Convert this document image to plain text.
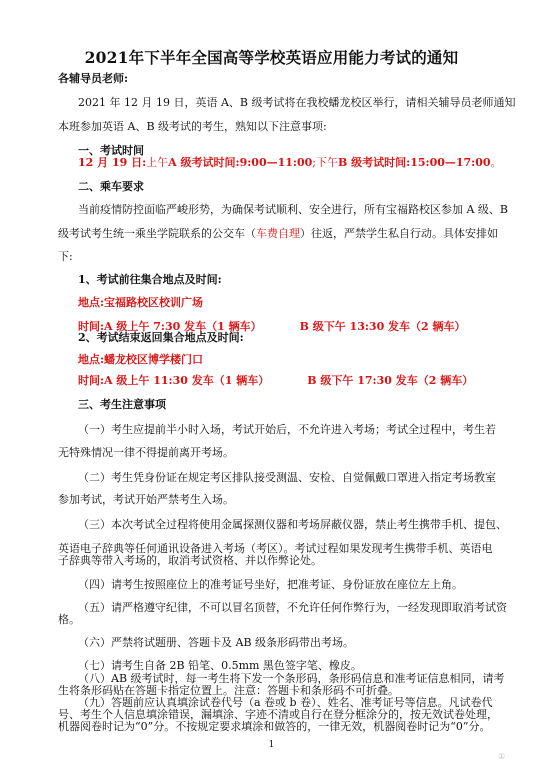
2021年下半年全国高等学校英语应用能力考试的通知
各辅导员老师:
2021 年 12 月 19 日，英语 A、B 级考试将在我校蟠龙校区举行，请相关辅导员老师通知
本班参加英语 A、B 级考试的考生，熟知以下注意事项:
一、考试时间
12 月 19 日:上午A 级考试时间:9:00—11:00;下午B 级考试时间:15:00—17:00。
二、乘车要求
当前疫情防控面临严峻形势，为确保考试顺利、安全进行，所有宝福路校区参加 A 级、B
级考试考生统一乘坐学院联系的公交车（车费自理）往返，严禁学生私自行动。具体安排如
下:
1、考试前往集合地点及时间:
地点:宝福路校区校训广场
时间:A 级上午 7:30 发车（1 辆车）	B 级下午 13:30 发车（2 辆车）
2、考试结束返回集合地点及时间:
地点:蟠龙校区博学楼门口
时间:A 级上午 11:30 发车（1 辆车）	B 级下午 17:30 发车（2 辆车）
三、考生注意事项
（一）考生应提前半小时入场，考试开始后，不允许进入考场；考试全过程中，考生若
无特殊情况一律不得提前离开考场。
（二）考生凭身份证在规定考区排队接受测温、安检、自觉佩戴口罩进入指定考场教室
参加考试，考试开始严禁考生入场。
（三）本次考试全过程将使用金属探测仪器和考场屏蔽仪器，禁止考生携带手机、提包、
英语电子辞典等任何通讯设备进入考场（考区）。考试过程如果发现考生携带手机、英语电
子辞典等带入考场的，取消考试资格、并以作弊论处。
（四）请考生按照座位上的准考证号坐好，把准考证、身份证放在座位左上角。
（五）请严格遵守纪律，不可以冒名顶替，不允许任何作弊行为，一经发现即取消考试资
格。
（六）严禁将试题册、答题卡及 AB 级条形码带出考场。
（七）请考生自备 2B 铅笔、0.5mm 黑色签字笔、橡皮。
（八）AB 级考试时，每一考生将下发一个条形码，条形码信息和准考证信息相同，请考
生将条形码贴在答题卡指定位置上。注意：答题卡和条形码不可折叠。
（九）答题前应认真填涂试卷代号（a 卷或 b 卷）、姓名、准考证号等信息。凡试卷代
号、考生个人信息填涂错误，漏填涂、字迹不清或自行在登分框涂分的，按无效试卷处理，
机器阅卷时记为“0”分。不按规定要求填涂和做答的，一律无效，机器阅卷时记为“0”分。
1
①
